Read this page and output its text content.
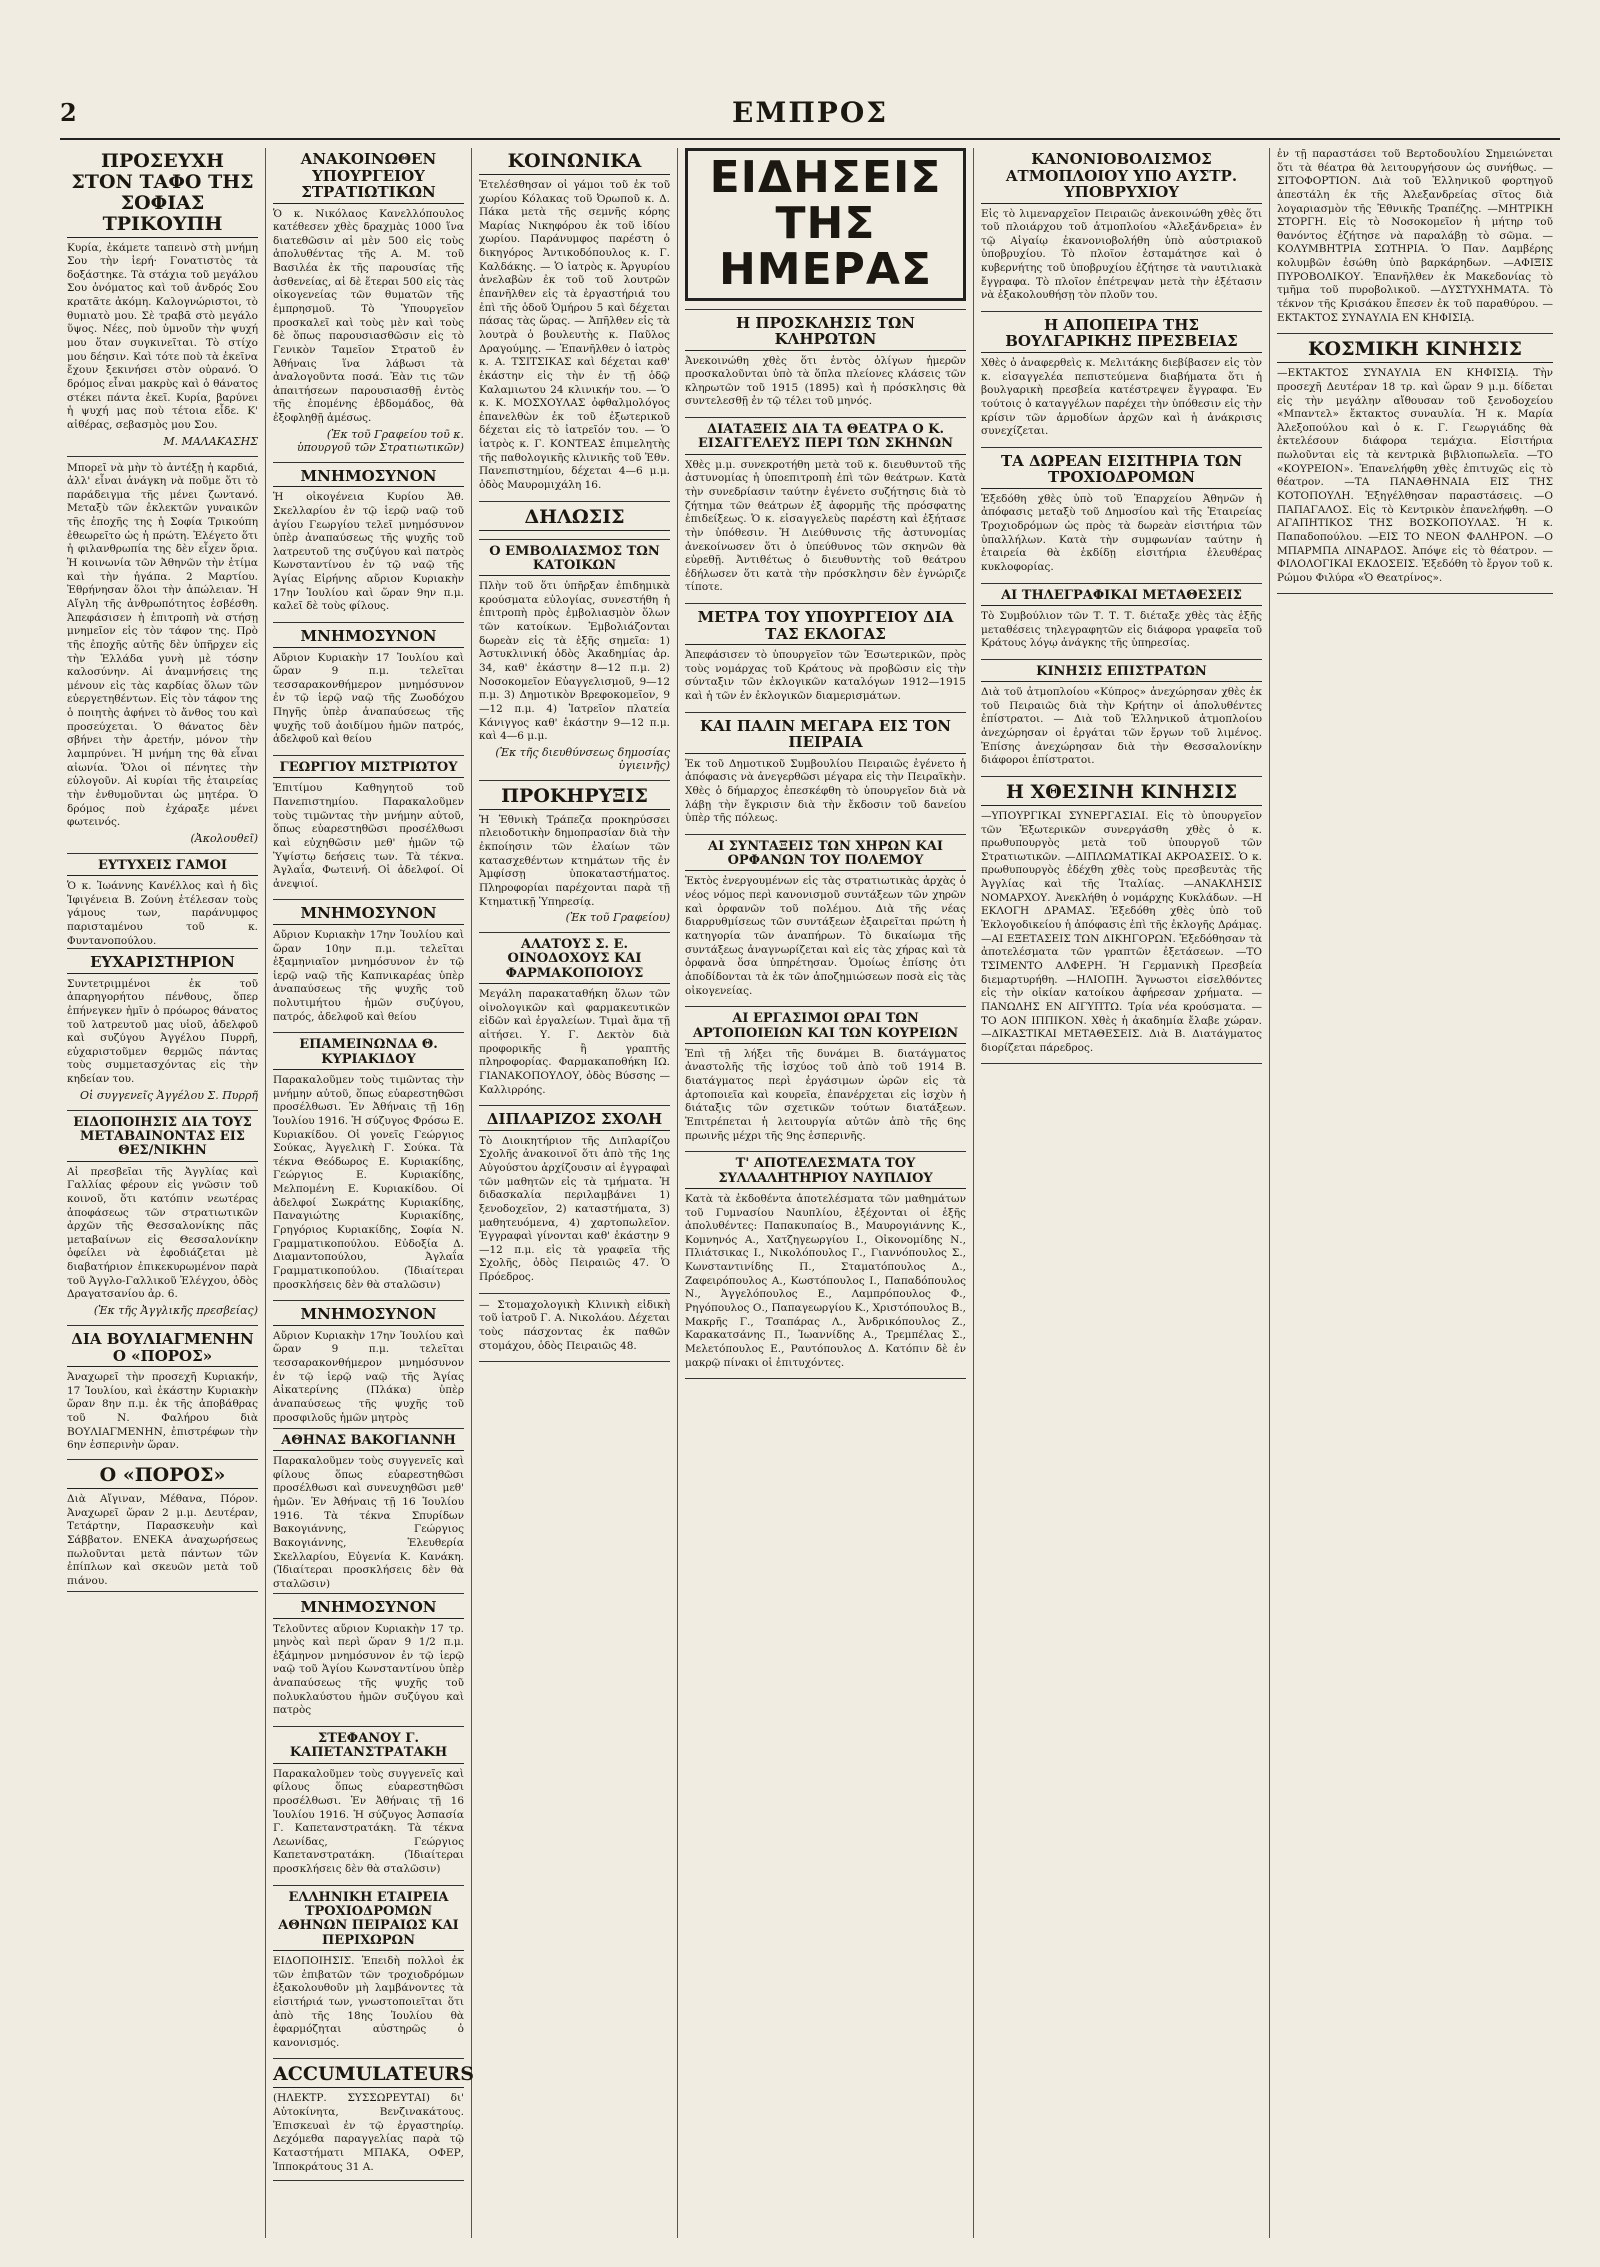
2	ΕΜΠΡΟΣ
ΠΡΟΣΕΥΧΗ ΣΤΟΝ ΤΑΦΟ ΤΗΣ ΣΟΦΙΑΣ ΤΡΙΚΟΥΠΗ

Κυρία, ἐκάμετε ταπεινὸ στὴ μνήμη Σου τὴν ἱερή· Γονατιστὸς τὰ δοξάστηκε. Τὰ στάχια τοῦ μεγάλου Σου ὀνόματος καὶ τοῦ ἀνδρός Σου κρατᾶτε ἀκόμη. Καλογνώριστοι, τὸ θυμιατὸ μου. Σὲ τραβᾶ στὸ μεγάλο ὕψος. Νέες, ποὺ ὑμνοῦν τὴν ψυχή μου ὅταν συγκινεῖται. Τὸ στίχο μου δέησιν. Καὶ τότε ποὺ τὰ ἐκεῖνα ἔχουν ξεκινήσει στὸν οὐρανό. Ὁ δρόμος εἶναι μακρὺς καὶ ὁ θάνατος στέκει πάντα ἐκεῖ. Κυρία, βαρύνει ἡ ψυχή μας ποὺ τέτοια εἶδε. Κ' αἰθέρας, σεβασμὸς μου Σου.

Μ. ΜΑΛΑΚΑΣΗΣ

Μπορεῖ νὰ μὴν τὸ ἀντέξῃ ἡ καρδιά, ἀλλ' εἶναι ἀνάγκη νὰ ποῦμε ὅτι τὸ παράδειγμα τῆς μένει ζωντανό. Μεταξὺ τῶν ἐκλεκτῶν γυναικῶν τῆς ἐποχῆς της ἡ Σοφία Τρικούπη ἐθεωρεῖτο ὡς ἡ πρώτη. Ἐλέγετο ὅτι ἡ φιλανθρωπία της δὲν εἶχεν ὅρια. Ἡ κοινωνία τῶν Ἀθηνῶν τὴν ἐτίμα καὶ τὴν ἠγάπα. 2 Μαρτίου. Ἐθρήνησαν ὅλοι τὴν ἀπώλειαν. Ἡ Αἴγλη τῆς ἀνθρωπότητος ἐσβέσθη. Ἀπεφάσισεν ἡ ἐπιτροπὴ νὰ στήσῃ μνημεῖον εἰς τὸν τάφον της. Πρὸ τῆς ἐποχῆς αὐτῆς δὲν ὑπῆρχεν εἰς τὴν Ἑλλάδα γυνὴ μὲ τόσην καλοσύνην. Αἱ ἀναμνήσεις της μένουν εἰς τὰς καρδίας ὅλων τῶν εὐεργετηθέντων. Εἰς τὸν τάφον της ὁ ποιητὴς ἀφήνει τὸ ἄνθος του καὶ προσεύχεται. Ὁ θάνατος δὲν σβήνει τὴν ἀρετήν, μόνον τὴν λαμπρύνει. Ἡ μνήμη της θὰ εἶναι αἰωνία. Ὅλοι οἱ πένητες τὴν εὐλογοῦν. Αἱ κυρίαι τῆς ἑταιρείας τὴν ἐνθυμοῦνται ὡς μητέρα. Ὁ δρόμος ποὺ ἐχάραξε μένει φωτεινός.

(Ἀκολουθεῖ)
ΕΥΤΥΧΕΙΣ ΓΑΜΟΙ

Ὁ κ. Ἰωάννης Κανέλλος καὶ ἡ δὶς Ἰφιγένεια Β. Ζούνη ἐτέλεσαν τοὺς γάμους των, παράνυμφος παρισταμένου τοῦ κ. Φυντανοπούλου.

ΕΥΧΑΡΙΣΤΗΡΙΟΝ

Συντετριμμένοι ἐκ τοῦ ἀπαρηγορήτου πένθους, ὅπερ ἐπήνεγκεν ἡμῖν ὁ πρόωρος θάνατος τοῦ λατρευτοῦ μας υἱοῦ, ἀδελφοῦ καὶ συζύγου Ἀγγέλου Πυρρῆ, εὐχαριστοῦμεν θερμῶς πάντας τοὺς συμμετασχόντας εἰς τὴν κηδείαν του.

Οἱ συγγενεῖς Ἀγγέλου Σ. Πυρρῆ
ΕΙΔΟΠΟΙΗΣΙΣ ΔΙΑ ΤΟΥΣ ΜΕΤΑΒΑΙΝΟΝΤΑΣ ΕΙΣ ΘΕΣ/ΝΙΚΗΝ

Αἱ πρεσβεῖαι τῆς Ἀγγλίας καὶ Γαλλίας φέρουν εἰς γνῶσιν τοῦ κοινοῦ, ὅτι κατόπιν νεωτέρας ἀποφάσεως τῶν στρατιωτικῶν ἀρχῶν τῆς Θεσσαλονίκης πᾶς μεταβαίνων εἰς Θεσσαλονίκην ὀφείλει νὰ ἐφοδιάζεται μὲ διαβατήριον ἐπικεκυρωμένον παρὰ τοῦ Ἀγγλο-Γαλλικοῦ Ἐλέγχου, ὁδὸς Δραγατσανίου ἀρ. 6.

(Ἐκ τῆς Ἀγγλικῆς πρεσβείας)
ΔΙΑ ΒΟΥΛΙΑΓΜΕΝΗΝ Ο «ΠΟΡΟΣ»

Ἀναχωρεῖ τὴν προσεχῆ Κυριακήν, 17 Ἰουλίου, καὶ ἐκάστην Κυριακὴν ὥραν 8ην π.μ. ἐκ τῆς ἀποβάθρας τοῦ Ν. Φαλήρου διὰ ΒΟΥΛΙΑΓΜΕΝΗΝ, ἐπιστρέφων τὴν 6ην ἑσπερινὴν ὥραν.

Ο «ΠΟΡΟΣ»

Διὰ Αἴγιναν, Μέθανα, Πόρον. Ἀναχωρεῖ ὥραν 2 μ.μ. Δευτέραν, Τετάρτην, Παρασκευὴν καὶ Σάββατον. ΕΝΕΚΑ ἀναχωρήσεως πωλοῦνται μετὰ πάντων τῶν ἐπίπλων καὶ σκευῶν μετὰ τοῦ πιάνου.

ΑΝΑΚΟΙΝΩΘΕΝ ΥΠΟΥΡΓΕΙΟΥ ΣΤΡΑΤΙΩΤΙΚΩΝ

Ὁ κ. Νικόλαος Κανελλόπουλος κατέθεσεν χθὲς δραχμὰς 1000 ἵνα διατεθῶσιν αἱ μὲν 500 εἰς τοὺς ἀπολυθέντας τῆς Α. Μ. τοῦ Βασιλέα ἐκ τῆς παρουσίας τῆς ἀσθενείας, αἱ δὲ ἕτεραι 500 εἰς τὰς οἰκογενείας τῶν θυματῶν τῆς ἐμπρησμοῦ. Τὸ Ὑπουργεῖον προσκαλεῖ καὶ τοὺς μὲν καὶ τοὺς δὲ ὅπως παρουσιασθῶσιν εἰς τὸ Γενικὸν Ταμεῖον Στρατοῦ ἐν Ἀθήναις ἵνα λάβωσι τὰ ἀναλογοῦντα ποσά. Ἐὰν τις τῶν ἀπαιτήσεων παρουσιασθῇ ἐντὸς τῆς ἐπομένης ἑβδομάδος, θὰ ἐξοφληθῇ ἀμέσως.

(Ἐκ τοῦ Γραφείου τοῦ κ. ὑπουργοῦ τῶν Στρατιωτικῶν)
ΜΝΗΜΟΣΥΝΟΝ

Ἡ οἰκογένεια Κυρίου Ἀθ. Σκελλαρίου ἐν τῷ ἱερῷ ναῷ τοῦ ἁγίου Γεωργίου τελεῖ μνημόσυνον ὑπὲρ ἀναπαύσεως τῆς ψυχῆς τοῦ λατρευτοῦ της συζύγου καὶ πατρὸς Κωνσταντίνου ἐν τῷ ναῷ τῆς Ἁγίας Εἰρήνης αὔριον Κυριακὴν 17ην Ἰουλίου καὶ ὥραν 9ην π.μ. καλεῖ δὲ τοὺς φίλους.

ΜΝΗΜΟΣΥΝΟΝ

Αὔριον Κυριακὴν 17 Ἰουλίου καὶ ὥραν 9 π.μ. τελεῖται τεσσαρακονθήμερον μνημόσυνον ἐν τῷ ἱερῷ ναῷ τῆς Ζωοδόχου Πηγῆς ὑπὲρ ἀναπαύσεως τῆς ψυχῆς τοῦ ἀοιδίμου ἡμῶν πατρός, ἀδελφοῦ καὶ θείου

ΓΕΩΡΓΙΟΥ ΜΙΣΤΡΙΩΤΟΥ

Ἐπιτίμου Καθηγητοῦ τοῦ Πανεπιστημίου. Παρακαλοῦμεν τοὺς τιμῶντας τὴν μνήμην αὐτοῦ, ὅπως εὐαρεστηθῶσι προσέλθωσι καὶ εὐχηθῶσιν μεθ' ἡμῶν τῷ Ὑψίστῳ δεήσεις των. Τὰ τέκνα. Ἀγλαΐα, Φωτεινή. Οἱ ἀδελφοί. Οἱ ἀνεψιοί.

ΜΝΗΜΟΣΥΝΟΝ

Αὔριον Κυριακὴν 17ην Ἰουλίου καὶ ὥραν 10ην π.μ. τελεῖται ἑξαμηνιαῖον μνημόσυνον ἐν τῷ ἱερῷ ναῷ τῆς Καπνικαρέας ὑπὲρ ἀναπαύσεως τῆς ψυχῆς τοῦ πολυτιμήτου ἡμῶν συζύγου, πατρός, ἀδελφοῦ καὶ θείου

ΕΠΑΜΕΙΝΩΝΔΑ Θ. ΚΥΡΙΑΚΙΔΟΥ

Παρακαλοῦμεν τοὺς τιμῶντας τὴν μνήμην αὐτοῦ, ὅπως εὐαρεστηθῶσι προσέλθωσι. Ἐν Ἀθήναις τῇ 16ῃ Ἰουλίου 1916. Ἡ σύζυγος Φρόσω Ε. Κυριακίδου. Οἱ γονεῖς Γεώργιος Σούκας, Ἀγγελικὴ Γ. Σούκα. Τὰ τέκνα Θεόδωρος Ε. Κυριακίδης, Γεώργιος Ε. Κυριακίδης, Μελπομένη Ε. Κυριακίδου. Οἱ ἀδελφοί Σωκράτης Κυριακίδης, Παναγιώτης Κυριακίδης, Γρηγόριος Κυριακίδης, Σοφία Ν. Γραμματικοπούλου. Εὐδοξία Δ. Διαμαντοπούλου, Ἀγλαΐα Γραμματικοπούλου. (Ἰδιαίτεραι προσκλήσεις δὲν θὰ σταλῶσιν)

ΜΝΗΜΟΣΥΝΟΝ

Αὔριον Κυριακὴν 17ην Ἰουλίου καὶ ὥραν 9 π.μ. τελεῖται τεσσαρακονθήμερον μνημόσυνον ἐν τῷ ἱερῷ ναῷ τῆς Ἁγίας Αἰκατερίνης (Πλάκα) ὑπὲρ ἀναπαύσεως τῆς ψυχῆς τοῦ προσφιλοῦς ἡμῶν μητρὸς

ΑΘΗΝΑΣ ΒΑΚΟΓΙΑΝΝΗ

Παρακαλοῦμεν τοὺς συγγενεῖς καὶ φίλους ὅπως εὐαρεστηθῶσι προσέλθωσι καὶ συνευχηθῶσι μεθ' ἡμῶν. Ἐν Ἀθήναις τῇ 16 Ἰουλίου 1916. Τὰ τέκνα Σπυρίδων Βακογιάννης, Γεώργιος Βακογιάννης, Ἑλευθερία Σκελλαρίου, Εὐγενία Κ. Κανάκη. (Ἰδιαίτεραι προσκλήσεις δὲν θὰ σταλῶσιν)

ΜΝΗΜΟΣΥΝΟΝ

Τελοῦντες αὔριον Κυριακὴν 17 τρ. μηνὸς καὶ περὶ ὥραν 9 1/2 π.μ. ἑξάμηνον μνημόσυνον ἐν τῷ ἱερῷ ναῷ τοῦ Ἁγίου Κωνσταντίνου ὑπὲρ ἀναπαύσεως τῆς ψυχῆς τοῦ πολυκλαύστου ἡμῶν συζύγου καὶ πατρὸς

ΣΤΕΦΑΝΟΥ Γ. ΚΑΠΕΤΑΝΣΤΡΑΤΑΚΗ

Παρακαλοῦμεν τοὺς συγγενεῖς καὶ φίλους ὅπως εὐαρεστηθῶσι προσέλθωσι. Ἐν Ἀθήναις τῇ 16 Ἰουλίου 1916. Ἡ σύζυγος Ἀσπασία Γ. Καπετανστρατάκη. Τὰ τέκνα Λεωνίδας, Γεώργιος Καπετανστρατάκη. (Ἰδιαίτεραι προσκλήσεις δὲν θὰ σταλῶσιν)

ΕΛΛΗΝΙΚΗ ΕΤΑΙΡΕΙΑ ΤΡΟΧΙΟΔΡΟΜΩΝ ΑΘΗΝΩΝ ΠΕΙΡΑΙΩΣ ΚΑΙ ΠΕΡΙΧΩΡΩΝ

ΕΙΔΟΠΟΙΗΣΙΣ. Ἐπειδὴ πολλοὶ ἐκ τῶν ἐπιβατῶν τῶν τροχιοδρόμων ἐξακολουθοῦν μὴ λαμβάνοντες τὰ εἰσιτήριά των, γνωστοποιεῖται ὅτι ἀπὸ τῆς 18ης Ἰουλίου θὰ ἐφαρμόζηται αὐστηρῶς ὁ κανονισμός.

ACCUMULATEURS

(ΗΛΕΚΤΡ. ΣΥΣΣΩΡΕΥΤΑΙ) δι' Αὐτοκίνητα, Βενζινακάτους. Ἐπισκευαὶ ἐν τῷ ἐργαστηρίῳ. Δεχόμεθα παραγγελίας παρὰ τῷ Καταστήματι ΜΠΑΚΑ, ΟΦΕΡ, Ἱπποκράτους 31 Α.

ΚΟΙΝΩΝΙΚΑ

Ἐτελέσθησαν οἱ γάμοι τοῦ ἐκ τοῦ χωρίου Κόλακας τοῦ Ὀρωποῦ κ. Δ. Πάκα μετὰ τῆς σεμνῆς κόρης Μαρίας Νικηφόρου ἐκ τοῦ ἰδίου χωρίου. Παράνυμφος παρέστη ὁ δικηγόρος Ἀντικοδόπουλος κ. Γ. Καλδάκης. — Ὁ ἰατρὸς κ. Ἀργυρίου ἀνελαβὼν ἐκ τοῦ τοῦ λουτρῶν ἐπανῆλθεν εἰς τὰ ἐργαστήριά του ἐπὶ τῆς ὁδοῦ Ὁμήρου 5 καὶ δέχεται πάσας τὰς ὥρας. — Ἀπῆλθεν εἰς τὰ λουτρὰ ὁ βουλευτὴς κ. Παῦλος Δραγούμης. — Ἐπανῆλθεν ὁ ἰατρὸς κ. Α. ΤΣΙΤΣΙΚΑΣ καὶ δέχεται καθ' ἑκάστην εἰς τὴν ἐν τῇ ὁδῷ Καλαμιωτου 24 κλινικήν του. — Ὁ κ. Κ. ΜΟΣΧΟΥΛΑΣ ὀφθαλμολόγος ἐπανελθὼν ἐκ τοῦ ἐξωτερικοῦ δέχεται εἰς τὸ ἰατρεῖόν του. — Ὁ ἰατρὸς κ. Γ. ΚΟΝΤΕΑΣ ἐπιμελητὴς τῆς παθολογικῆς κλινικῆς τοῦ Ἐθν. Πανεπιστημίου, δέχεται 4—6 μ.μ. ὁδὸς Μαυρομιχάλη 16.

ΔΗΛΩΣΙΣ
Ο ΕΜΒΟΛΙΑΣΜΟΣ ΤΩΝ ΚΑΤΟΙΚΩΝ

Πλὴν τοῦ ὅτι ὑπῆρξαν ἐπιδημικὰ κρούσματα εὐλογίας, συνεστήθη ἡ ἐπιτροπὴ πρὸς ἐμβολιασμὸν ὅλων τῶν κατοίκων. Ἐμβολιάζονται δωρεὰν εἰς τὰ ἑξῆς σημεῖα: 1) Ἀστυκλινική ὁδὸς Ἀκαδημίας ἀρ. 34, καθ' ἑκάστην 8—12 π.μ. 2) Νοσοκομεῖον Εὐαγγελισμοῦ, 9—12 π.μ. 3) Δημοτικὸν Βρεφοκομεῖον, 9—12 π.μ. 4) Ἰατρεῖον πλατεία Κάνιγγος καθ' ἑκάστην 9—12 π.μ. καὶ 4—6 μ.μ.

(Ἐκ τῆς διευθύνσεως δημοσίας ὑγιεινῆς)
ΠΡΟΚΗΡΥΞΙΣ

Ἡ Ἐθνικὴ Τράπεζα προκηρύσσει πλειοδοτικὴν δημοπρασίαν διὰ τὴν ἐκποίησιν τῶν ἐλαίων τῶν κατασχεθέντων κτημάτων τῆς ἐν Ἀμφίσσῃ ὑποκαταστήματος. Πληροφορίαι παρέχονται παρὰ τῇ Κτηματικῇ Ὑπηρεσίᾳ.

(Ἐκ τοῦ Γραφείου)
ΑΛΑΤΟΥΣ Σ. Ε. ΟΙΝΟΔΟΧΟΥΣ ΚΑΙ ΦΑΡΜΑΚΟΠΟΙΟΥΣ

Μεγάλη παρακαταθήκη ὅλων τῶν οἰνολογικῶν καὶ φαρμακευτικῶν εἰδῶν καὶ ἐργαλείων. Τιμαὶ ἄμα τῇ αἰτήσει. Υ. Γ. Δεκτὸν διὰ προφορικῆς ἢ γραπτῆς πληροφορίας. Φαρμακαποθήκη ΙΩ. ΓΙΑΝΑΚΟΠΟΥΛΟΥ, ὁδὸς Βύσσης — Καλλιρρόης.

ΔΙΠΛΑΡΙΖΟΣ ΣΧΟΛΗ

Τὸ Διοικητήριον τῆς Διπλαρίζου Σχολῆς ἀνακοινοῖ ὅτι ἀπὸ τῆς 1ης Αὐγούστου ἀρχίζουσιν αἱ ἐγγραφαὶ τῶν μαθητῶν εἰς τὰ τμήματα. Ἡ διδασκαλία περιλαμβάνει 1) ξενοδοχεῖον, 2) καταστήματα, 3) μαθητευόμενα, 4) χαρτοπωλεῖον. Ἐγγραφαὶ γίνονται καθ' ἑκάστην 9—12 π.μ. εἰς τὰ γραφεῖα τῆς Σχολῆς, ὁδὸς Πειραιῶς 47. Ὁ Πρόεδρος.

— Στομαχολογικὴ Κλινικὴ εἰδικὴ τοῦ ἰατροῦ Γ. Α. Νικολάου. Δέχεται τοὺς πάσχοντας ἐκ παθῶν στομάχου, ὁδὸς Πειραιῶς 48.

ΕΙΔΗΣΕΙΣ ΤΗΣ ΗΜΕΡΑΣ
Η ΠΡΟΣΚΛΗΣΙΣ ΤΩΝ ΚΛΗΡΩΤΩΝ

Ἀνεκοινώθη χθὲς ὅτι ἐντὸς ὀλίγων ἡμερῶν προσκαλοῦνται ὑπὸ τὰ ὅπλα πλείονες κλάσεις τῶν κληρωτῶν τοῦ 1915 (1895) καὶ ἡ πρόσκλησις θὰ συντελεσθῇ ἐν τῷ τέλει τοῦ μηνός.

ΔΙΑΤΑΞΕΙΣ ΔΙΑ ΤΑ ΘΕΑΤΡΑ Ο Κ. ΕΙΣΑΓΓΕΛΕΥΣ ΠΕΡΙ ΤΩΝ ΣΚΗΝΩΝ

Χθὲς μ.μ. συνεκροτήθη μετὰ τοῦ κ. διευθυντοῦ τῆς ἀστυνομίας ἡ ὑποεπιτροπὴ ἐπὶ τῶν θεάτρων. Κατὰ τὴν συνεδρίασιν ταύτην ἐγένετο συζήτησις διὰ τὸ ζήτημα τῶν θεάτρων ἐξ ἀφορμῆς τῆς πρόσφατης ἐπιδείξεως. Ὁ κ. εἰσαγγελεὺς παρέστη καὶ ἐξήτασε τὴν ὑπόθεσιν. Ἡ Διεύθυνσις τῆς ἀστυνομίας ἀνεκοίνωσεν ὅτι ὁ ὑπεύθυνος τῶν σκηνῶν θὰ εὑρεθῇ. Ἀντιθέτως ὁ διευθυντὴς τοῦ θεάτρου ἐδήλωσεν ὅτι κατὰ τὴν πρόσκλησιν δὲν ἐγνώριζε τίποτε.

ΜΕΤΡΑ ΤΟΥ ΥΠΟΥΡΓΕΙΟΥ ΔΙΑ ΤΑΣ ΕΚΛΟΓΑΣ

Ἀπεφάσισεν τὸ ὑπουργεῖον τῶν Ἐσωτερικῶν, πρὸς τοὺς νομάρχας τοῦ Κράτους νὰ προβῶσιν εἰς τὴν σύνταξιν τῶν ἐκλογικῶν καταλόγων 1912—1915 καὶ ἡ τῶν ἐν ἐκλογικῶν διαμερισμάτων.

ΚΑΙ ΠΑΛΙΝ ΜΕΓΑΡΑ ΕΙΣ ΤΟΝ ΠΕΙΡΑΙΑ

Ἐκ τοῦ Δημοτικοῦ Συμβουλίου Πειραιῶς ἐγένετο ἡ ἀπόφασις νὰ ἀνεγερθῶσι μέγαρα εἰς τὴν Πειραϊκὴν. Χθὲς ὁ δήμαρχος ἐπεσκέφθη τὸ ὑπουργεῖον διὰ νὰ λάβῃ τὴν ἔγκρισιν διὰ τὴν ἔκδοσιν τοῦ δανείου ὑπὲρ τῆς πόλεως.

ΑΙ ΣΥΝΤΑΞΕΙΣ ΤΩΝ ΧΗΡΩΝ ΚΑΙ ΟΡΦΑΝΩΝ ΤΟΥ ΠΟΛΕΜΟΥ

Ἐκτὸς ἐνεργουμένων εἰς τὰς στρατιωτικὰς ἀρχὰς ὁ νέος νόμος περὶ κανονισμοῦ συντάξεων τῶν χηρῶν καὶ ὀρφανῶν τοῦ πολέμου. Διὰ τῆς νέας διαρρυθμίσεως τῶν συντάξεων ἐξαιρεῖται πρώτη ἡ κατηγορία τῶν ἀναπήρων. Τὸ δικαίωμα τῆς συντάξεως ἀναγνωρίζεται καὶ εἰς τὰς χήρας καὶ τὰ ὀρφανὰ ὅσα ὑπηρέτησαν. Ὁμοίως ἐπίσης ὁτι ἀποδίδονται τὰ ἐκ τῶν ἀποζημιώσεων ποσὰ εἰς τὰς οἰκογενείας.

ΑΙ ΕΡΓΑΣΙΜΟΙ ΩΡΑΙ ΤΩΝ ΑΡΤΟΠΟΙΕΙΩΝ ΚΑΙ ΤΩΝ ΚΟΥΡΕΙΩΝ

Ἐπὶ τῇ λήξει τῆς δυνάμει Β. διατάγματος ἀναστολῆς τῆς ἰσχύος τοῦ ἀπὸ τοῦ 1914 Β. διατάγματος περὶ ἐργάσιμων ὡρῶν εἰς τὰ ἀρτοποιεῖα καὶ κουρεῖα, ἐπανέρχεται εἰς ἰσχὺν ἡ διάταξις τῶν σχετικῶν τούτων διατάξεων. Ἐπιτρέπεται ἡ λειτουργία αὐτῶν ἀπὸ τῆς 6ης πρωινῆς μέχρι τῆς 9ης ἑσπερινῆς.

Τ' ΑΠΟΤΕΛΕΣΜΑΤΑ ΤΟΥ ΣΥΛΛΑΛΗΤΗΡΙΟΥ ΝΑΥΠΛΙΟΥ

Κατὰ τὰ ἐκδοθέντα ἀποτελέσματα τῶν μαθημάτων τοῦ Γυμνασίου Ναυπλίου, ἐξέχονται οἱ ἑξῆς ἀπολυθέντες: Παπακυπαίος Β., Μαυρογιάννης Κ., Κομνηνός Α., Χατζηγεωργίου Ι., Οἰκονομίδης Ν., Πλιάτσικας Ι., Νικολόπουλος Γ., Γιαννόπουλος Σ., Κωνσταντινίδης Π., Σταματόπουλος Δ., Ζαφειρόπουλος Α., Κωστόπουλος Ι., Παπαδόπουλος Ν., Ἀγγελόπουλος Ε., Λαμπρόπουλος Φ., Ρηγόπουλος Ο., Παπαγεωργίου Κ., Χριστόπουλος Β., Μακρῆς Γ., Τσαπάρας Λ., Ἀνδρικόπουλος Ζ., Καρακατσάνης Π., Ἰωαννίδης Α., Τρεμπέλας Σ., Μελετόπουλος Ε., Ραυτόπουλος Δ. Κατόπιν δὲ ἐν μακρῷ πίνακι οἱ ἐπιτυχόντες.

ΚΑΝΟΝΙΟΒΟΛΙΣΜΟΣ ΑΤΜΟΠΛΟΙΟΥ ΥΠΟ ΑΥΣΤΡ. ΥΠΟΒΡΥΧΙΟΥ

Εἰς τὸ λιμεναρχεῖον Πειραιῶς ἀνεκοινώθη χθὲς ὅτι τοῦ πλοιάρχου τοῦ ἀτμοπλοίου «Ἀλεξάνδρεια» ἐν τῷ Αἰγαίῳ ἐκανονιοβολήθη ὑπὸ αὐστριακοῦ ὑποβρυχίου. Τὸ πλοῖον ἐσταμάτησε καὶ ὁ κυβερνήτης τοῦ ὑποβρυχίου ἐζήτησε τὰ ναυτιλιακὰ ἔγγραφα. Τὸ πλοῖον ἐπέτρεψαν μετὰ τὴν ἐξέτασιν νὰ ἐξακολουθήσῃ τὸν πλοῦν του.

Η ΑΠΟΠΕΙΡΑ ΤΗΣ ΒΟΥΛΓΑΡΙΚΗΣ ΠΡΕΣΒΕΙΑΣ

Χθὲς ὁ ἀναφερθεὶς κ. Μελιτάκης διεβίβασεν εἰς τὸν κ. εἰσαγγελέα πεπιστεύμενα διαβήματα ὅτι ἡ βουλγαρικὴ πρεσβεία κατέστρεψεν ἔγγραφα. Ἐν τούτοις ὁ καταγγέλων παρέχει τὴν ὑπόθεσιν εἰς τὴν κρίσιν τῶν ἀρμοδίων ἀρχῶν καὶ ἡ ἀνάκρισις συνεχίζεται.

ΤΑ ΔΩΡΕΑΝ ΕΙΣΙΤΗΡΙΑ ΤΩΝ ΤΡΟΧΙΟΔΡΟΜΩΝ

Ἐξεδόθη χθὲς ὑπὸ τοῦ Ἐπαρχείου Ἀθηνῶν ἡ ἀπόφασις μεταξὺ τοῦ Δημοσίου καὶ τῆς Ἑταιρείας Τροχιοδρόμων ὡς πρὸς τὰ δωρεὰν εἰσιτήρια τῶν ὑπαλλήλων. Κατὰ τὴν συμφωνίαν ταύτην ἡ ἑταιρεία θὰ ἐκδίδῃ εἰσιτήρια ἐλευθέρας κυκλοφορίας.

ΑΙ ΤΗΛΕΓΡΑΦΙΚΑΙ ΜΕΤΑΘΕΣΕΙΣ

Τὸ Συμβούλιον τῶν Τ. Τ. Τ. διέταξε χθὲς τὰς ἑξῆς μεταθέσεις τηλεγραφητῶν εἰς διάφορα γραφεῖα τοῦ Κράτους λόγῳ ἀνάγκης τῆς ὑπηρεσίας.

ΚΙΝΗΣΙΣ ΕΠΙΣΤΡΑΤΩΝ

Διὰ τοῦ ἀτμοπλοίου «Κύπρος» ἀνεχώρησαν χθὲς ἐκ τοῦ Πειραιῶς διὰ τὴν Κρήτην οἱ ἀπολυθέντες ἐπίστρατοι. — Διὰ τοῦ Ἑλληνικοῦ ἀτμοπλοίου ἀνεχώρησαν οἱ ἐργάται τῶν ἔργων τοῦ λιμένος. Ἐπίσης ἀνεχώρησαν διὰ τὴν Θεσσαλονίκην διάφοροι ἐπίστρατοι.

Η ΧΘΕΣΙΝΗ ΚΙΝΗΣΙΣ

—ΥΠΟΥΡΓΙΚΑΙ ΣΥΝΕΡΓΑΣΙΑΙ. Εἰς τὸ ὑπουργεῖον τῶν Ἐξωτερικῶν συνεργάσθη χθὲς ὁ κ. πρωθυπουργὸς μετὰ τοῦ ὑπουργοῦ τῶν Στρατιωτικῶν. —ΔΙΠΛΩΜΑΤΙΚΑΙ ΑΚΡΟΑΣΕΙΣ. Ὁ κ. πρωθυπουργὸς ἐδέχθη χθὲς τοὺς πρεσβευτὰς τῆς Ἀγγλίας καὶ τῆς Ἰταλίας. —ΑΝΑΚΛΗΣΙΣ ΝΟΜΑΡΧΟΥ. Ἀνεκλήθη ὁ νομάρχης Κυκλάδων. —Η ΕΚΛΟΓΗ ΔΡΑΜΑΣ. Ἐξεδόθη χθὲς ὑπὸ τοῦ Ἐκλογοδικείου ἡ ἀπόφασις ἐπὶ τῆς ἐκλογῆς Δράμας. —ΑΙ ΕΞΕΤΑΣΕΙΣ ΤΩΝ ΔΙΚΗΓΟΡΩΝ. Ἐξεδόθησαν τὰ ἀποτελέσματα τῶν γραπτῶν ἐξετάσεων. —ΤΟ ΤΣΙΜΕΝΤΟ ΑΛΦΕΡΗ. Ἡ Γερμανικὴ Πρεσβεία διεμαρτυρήθη. —ΗΛΙΟΠΗ. Ἄγνωστοι εἰσελθόντες εἰς τὴν οἰκίαν κατοίκου ἀφήρεσαν χρήματα. —ΠΑΝΩΛΗΣ ΕΝ ΑΙΓΥΠΤΩ. Τρία νέα κρούσματα. —ΤΟ ΑΟΝ ΙΠΠΙΚΟΝ. Χθὲς ἡ ἀκαδημία ἔλαβε χώραν. —ΔΙΚΑΣΤΙΚΑΙ ΜΕΤΑΘΕΣΕΙΣ. Διὰ Β. Διατάγματος διορίζεται πάρεδρος.

ἐν τῇ παραστάσει τοῦ Βερτοδουλίου Σημειώνεται ὅτι τὰ θέατρα θὰ λειτουργήσουν ὡς συνήθως. —ΣΙΤΟΦΟΡΤΙΟΝ. Διὰ τοῦ Ἑλληνικοῦ φορτηγοῦ ἀπεστάλη ἐκ τῆς Ἀλεξανδρείας σῖτος διὰ λογαριασμὸν τῆς Ἐθνικῆς Τραπέζης. —ΜΗΤΡΙΚΗ ΣΤΟΡΓΗ. Εἰς τὸ Νοσοκομεῖον ἡ μήτηρ τοῦ θανόντος ἐζήτησε νὰ παραλάβῃ τὸ σῶμα. —ΚΟΛΥΜΒΗΤΡΙΑ ΣΩΤΗΡΙΑ. Ὁ Παν. Δαμβέρης κολυμβῶν ἐσώθη ὑπὸ βαρκάρηδων. —ΑΦΙΞΙΣ ΠΥΡΟΒΟΛΙΚΟΥ. Ἐπανῆλθεν ἐκ Μακεδονίας τὸ τμῆμα τοῦ πυροβολικοῦ. —ΔΥΣΤΥΧΗΜΑΤΑ. Τὸ τέκνον τῆς Κρισάκου ἔπεσεν ἐκ τοῦ παραθύρου. —ΕΚΤΑΚΤΟΣ ΣΥΝΑΥΛΙΑ ΕΝ ΚΗΦΙΣΙᾼ.

ΚΟΣΜΙΚΗ ΚΙΝΗΣΙΣ

—ΕΚΤΑΚΤΟΣ ΣΥΝΑΥΛΙΑ ΕΝ ΚΗΦΙΣΙᾼ. Τὴν προσεχῆ Δευτέραν 18 τρ. καὶ ὥραν 9 μ.μ. δίδεται εἰς τὴν μεγάλην αἴθουσαν τοῦ ξενοδοχείου «Μπαντελ» ἔκτακτος συναυλία. Ἡ κ. Μαρία Ἀλεξοπούλου καὶ ὁ κ. Γ. Γεωργιάδης θὰ ἐκτελέσουν διάφορα τεμάχια. Εἰσιτήρια πωλοῦνται εἰς τὰ κεντρικὰ βιβλιοπωλεῖα. —ΤΟ «ΚΟΥΡΕΙΟΝ». Ἐπανελήφθη χθὲς ἐπιτυχῶς εἰς τὸ θέατρον. —ΤΑ ΠΑΝΑΘΗΝΑΙΑ ΕΙΣ ΤΗΣ ΚΟΤΟΠΟΥΛΗ. Ἐξηγέλθησαν παραστάσεις. —Ο ΠΑΠΑΓΑΛΟΣ. Εἰς τὸ Κεντρικὸν ἐπανελήφθη. —Ο ΑΓΑΠΗΤΙΚΟΣ ΤΗΣ ΒΟΣΚΟΠΟΥΛΑΣ. Ἡ κ. Παπαδοπούλου. —ΕΙΣ ΤΟ ΝΕΟΝ ΦΑΛΗΡΟΝ. —Ο ΜΠΑΡΜΠΑ ΛΙΝΑΡΔΟΣ. Ἀπόψε εἰς τὸ θέατρον. —ΦΙΛΟΛΟΓΙΚΑΙ ΕΚΔΟΣΕΙΣ. Ἐξεδόθη τὸ ἔργον τοῦ κ. Ρώμου Φιλύρα «Ὁ Θεατρίνος».
